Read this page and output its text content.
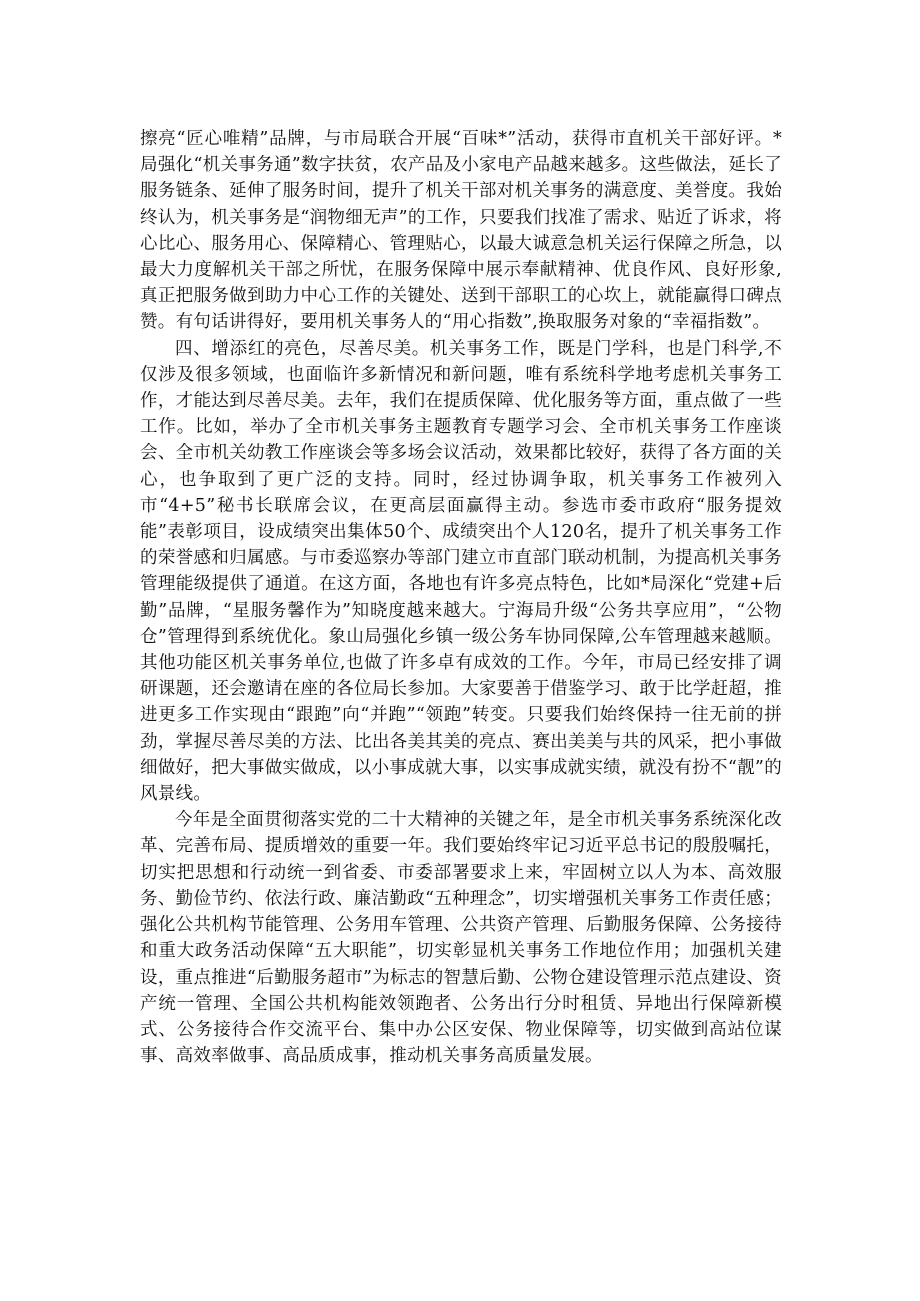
擦亮“匠心唯精”品牌，与市局联合开展“百味*”活动，获得市直机关干部好评。*局强化“机关事务通”数字扶贫，农产品及小家电产品越来越多。这些做法，延长了服务链条、延伸了服务时间，提升了机关干部对机关事务的满意度、美誉度。我始终认为，机关事务是“润物细无声”的工作，只要我们找准了需求、贴近了诉求，将心比心、服务用心、保障精心、管理贴心，以最大诚意急机关运行保障之所急，以最大力度解机关干部之所忧，在服务保障中展示奉献精神、优良作风、良好形象,真正把服务做到助力中心工作的关键处、送到干部职工的心坎上，就能赢得口碑点赞。有句话讲得好，要用机关事务人的“用心指数”,换取服务对象的“幸福指数”。

四、增添红的亮色，尽善尽美。机关事务工作，既是门学科，也是门科学,不仅涉及很多领域，也面临许多新情况和新问题，唯有系统科学地考虑机关事务工作，才能达到尽善尽美。去年，我们在提质保障、优化服务等方面，重点做了一些工作。比如，举办了全市机关事务主题教育专题学习会、全市机关事务工作座谈会、全市机关幼教工作座谈会等多场会议活动，效果都比较好，获得了各方面的关心，也争取到了更广泛的支持。同时，经过协调争取，机关事务工作被列入市“4+5”秘书长联席会议，在更高层面赢得主动。参选市委市政府“服务提效能”表彰项目，设成绩突出集体50个、成绩突出个人120名，提升了机关事务工作的荣誉感和归属感。与市委巡察办等部门建立市直部门联动机制，为提高机关事务管理能级提供了通道。在这方面，各地也有许多亮点特色，比如*局深化“党建+后勤”品牌，“星服务馨作为”知晓度越来越大。宁海局升级“公务共享应用”，“公物仓”管理得到系统优化。象山局强化乡镇一级公务车协同保障,公车管理越来越顺。其他功能区机关事务单位,也做了许多卓有成效的工作。今年，市局已经安排了调研课题，还会邀请在座的各位局长参加。大家要善于借鉴学习、敢于比学赶超，推进更多工作实现由“跟跑”向“并跑”“领跑”转变。只要我们始终保持一往无前的拼劲，掌握尽善尽美的方法、比出各美其美的亮点、赛出美美与共的风采，把小事做细做好，把大事做实做成，以小事成就大事，以实事成就实绩，就没有扮不“靓”的风景线。

今年是全面贯彻落实党的二十大精神的关键之年，是全市机关事务系统深化改革、完善布局、提质增效的重要一年。我们要始终牢记习近平总书记的殷殷嘱托，切实把思想和行动统一到省委、市委部署要求上来，牢固树立以人为本、高效服务、勤俭节约、依法行政、廉洁勤政“五种理念”，切实增强机关事务工作责任感；强化公共机构节能管理、公务用车管理、公共资产管理、后勤服务保障、公务接待和重大政务活动保障“五大职能”，切实彰显机关事务工作地位作用；加强机关建设，重点推进“后勤服务超市”为标志的智慧后勤、公物仓建设管理示范点建设、资产统一管理、全国公共机构能效领跑者、公务出行分时租赁、异地出行保障新模式、公务接待合作交流平台、集中办公区安保、物业保障等，切实做到高站位谋事、高效率做事、高品质成事，推动机关事务高质量发展。
